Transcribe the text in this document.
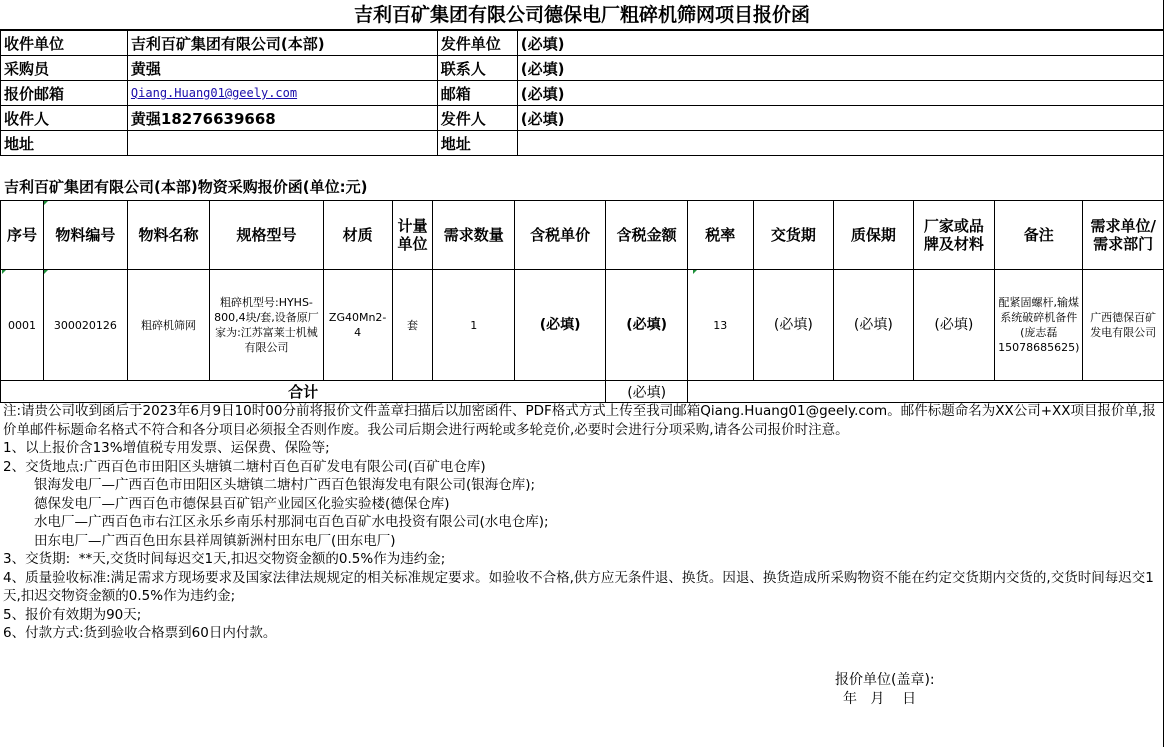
吉利百矿集团有限公司德保电厂粗碎机筛网项目报价函
收件单位	吉利百矿集团有限公司(本部)	发件单位	(必填)
采购员	黄强	联系人	(必填)
报价邮箱	Qiang.Huang01@geely.com	邮箱	(必填)
收件人	黄强18276639668	发件人	(必填)
地址		地址	
吉利百矿集团有限公司(本部)物资采购报价函(单位:元)
序号	物料编号	物料名称	规格型号	材质	计量单位	需求数量	含税单价	含税金额	税率	交货期	质保期	厂家或品牌及材料	备注	需求单位/需求部门
0001	300020126	粗碎机筛网	粗碎机型号:HYHS-800,4块/套,设备原厂家为:江苏富莱士机械有限公司	ZG40Mn2-4	套	1	(必填)	(必填)	13	(必填)	(必填)	(必填)	配紧固螺杆,输煤系统破碎机备件(庞志磊15078685625)	广西德保百矿发电有限公司
合计								(必填)						
注:请贵公司收到函后于2023年6月9日10时00分前将报价文件盖章扫描后以加密函件、PDF格式方式上传至我司邮箱Qiang.Huang01@geely.com。邮件标题命名为XX公司+XX项目报价单,报价单邮件标题命名格式不符合和各分项目必须报全否则作废。我公司后期会进行两轮或多轮竞价,必要时会进行分项采购,请各公司报价时注意。
1、以上报价含13%增值税专用发票、运保费、保险等;
2、交货地点:广西百色市田阳区头塘镇二塘村百色百矿发电有限公司(百矿电仓库)
银海发电厂—广西百色市田阳区头塘镇二塘村广西百色银海发电有限公司(银海仓库);
德保发电厂—广西百色市德保县百矿铝产业园区化验实验楼(德保仓库)
水电厂—广西百色市右江区永乐乡南乐村那洞屯百色百矿水电投资有限公司(水电仓库);
田东电厂—广西百色田东县祥周镇新洲村田东电厂(田东电厂)
3、交货期:  **天,交货时间每迟交1天,扣迟交物资金额的0.5%作为违约金;
4、质量验收标准:满足需求方现场要求及国家法律法规规定的相关标准规定要求。如验收不合格,供方应无条件退、换货。因退、换货造成所采购物资不能在约定交货期内交货的,交货时间每迟交1天,扣迟交物资金额的0.5%作为违约金;
5、报价有效期为90天;
6、付款方式:货到验收合格票到60日内付款。
报价单位(盖章):
年   月    日
